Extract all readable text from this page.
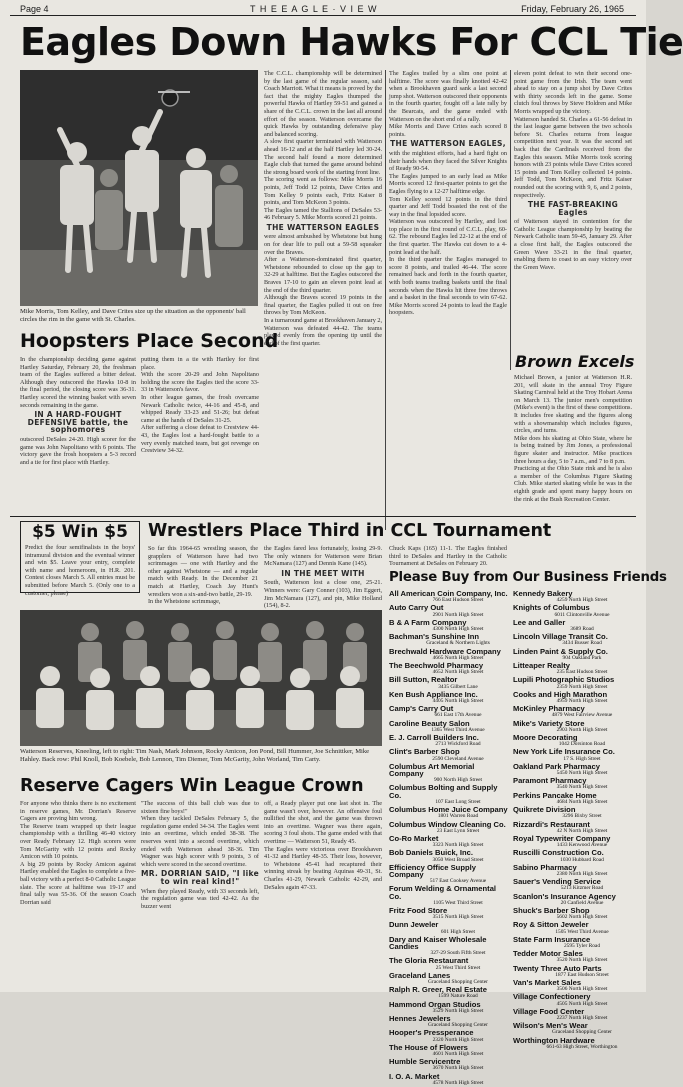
Page 4	T H E E A G L E · V I E W	Friday, February 26, 1965
Eagles Down Hawks For CCL Tie
Mike Morris, Tom Kelley, and Dave Crites size up the situation as the opponents' ball circles the rim in the game with St. Charles.
The C.C.L. championship will be determined by the last game of the regular season, said Coach Marriott. What it means is proved by the fact that the mighty Eagles thumped the powerful Hawks of Hartley 59-51 and gained a share of the C.C.L. crown in the last all around effort of the season. Watterson overcame the quick Hawks by outstanding defensive play and balanced scoring.
A slow first quarter terminated with Watterson ahead 16-12 and at the half Hartley led 30-24. The second half found a more determined Eagle club that turned the game around behind the strong board work of the starting front line.
The scoring went as follows: Mike Morris 16 points, Jeff Todd 12 points, Dave Crites and Tom Kelley 9 points each, Fritz Kaiser 8 points, and Tom McKeon 3 points.
The Eagles tamed the Stallions of DeSales 53-46 February 5. Mike Morris scored 21 points.
THE WATTERSON EAGLES
were almost ambushed by Whetstone but hung on for dear life to pull out a 59-58 squeaker over the Braves.
After a Watterson-dominated first quarter, Whetstone rebounded to close up the gap to 32-29 at halftime. But the Eagles outscored the Braves 17-10 to gain an eleven point lead at the end of the third quarter.
Although the Braves scored 19 points in the final quarter, the Eagles pulled it out on free throws by Tom McKeon.
In a turnaround game at Brookhaven January 2, Watterson was defeated 44-42. The teams played evenly from the opening tip until the end of the first quarter.
The Eagles trailed by a slim one point at halftime. The score was finally knotted 42-42 when a Brookhaven guard sank a last second jump shot. Watterson outscored their opponents in the fourth quarter, fought off a late rally by the Bearcats, and the game ended with Watterson on the short end of a rally.
Mike Morris and Dave Crites each scored 8 points.
THE WATTERSON EAGLES,
with the mightiest efforts, had a hard fight on their hands when they faced the Silver Knights of Ready 90-54.
The Eagles jumped to an early lead as Mike Morris scored 12 first-quarter points to get the Eagles flying to a 12-27 halftime edge.
Tom Kelley scored 12 points in the third quarter and Jeff Todd boasted the rest of the way in the final lopsided score.
Watterson was outscored by Hartley, and lost top place in the first round of C.C.L. play, 60-62. The rebound Eagles led 22-12 at the end of the first quarter. The Hawks cut down to a 4-point lead at the half.
In the third quarter the Eagles managed to score 8 points, and trailed 46-44. The score remained back and forth in the fourth quarter, with both teams trading baskets until the final seconds when the Hawks hit three free throws and a basket in the final seconds to win 67-62. Mike Morris scored 24 points to lead the Eagle hoopsters.
eleven point defeat to win their second one-point game from the Irish. The team went ahead to stay on a jump shot by Dave Crites with thirty seconds left in the game. Some clutch foul throws by Steve Holdren and Mike Morris wrapped up the victory.
Watterson handed St. Charles a 61-56 defeat in the last league game between the two schools before St. Charles returns from league competition next year. It was the second set back that the Cardinals received from the Eagles this season. Mike Morris took scoring honors with 23 points while Dave Crites scored 15 points and Tom Kelley collected 14 points. Jeff Todd, Tom McKeon, and Fritz Kaiser rounded out the scoring with 9, 6, and 2 points, respectively.
THE FAST-BREAKING Eagles
of Watterson stayed in contention for the Catholic League championship by beating the Newark Catholic team 59-45, January 29. After a close first half, the Eagles outscored the Green Wave 33-21 in the final quarter, enabling them to coast to an easy victory over the Green Wave.
Brown Excels
Michael Brown, a junior at Watterson H.R. 201, will skate in the annual Troy Figure Skating Carnival held at the Troy Hobart Arena on March 13. The junior men's competition (Mike's event) is the first of these competitions. It includes free skating and the figures along with a showmanship which includes figures, circles, and turns.
Mike does his skating at Ohio State, where he is being trained by Jim Jones, a professional figure skater and instructor. Mike practices three hours a day, 5 to 7 a.m., and 7 to 8 p.m.
Practicing at the Ohio State rink and he is also a member of the Columbus Figure Skating Club. Mike started skating while he was in the eighth grade and spent many happy hours on the rink at the Bush Recreation Center.
Hoopsters Place Second
In the championship deciding game against Hartley Saturday, February 20, the freshman team of the Eagles suffered a bitter defeat. Although they outscored the Hawks 10-8 in the final period, the closing score was 36-31. Hartley scored the winning basket with seven seconds remaining in the game.
IN A HARD-FOUGHT DEFENSIVE battle, the sophomores
outscored DeSales 24-20. High scorer for the game was John Napolitano with 6 points. The victory gave the frosh hoopsters a 5-3 record and a tie for first place with Hartley.
putting them in a tie with Hartley for first place.
With the score 20-29 and John Napolitano holding the score the Eagles tied the score 33-33 in Watterson's favor.
In other league games, the frosh overcame Newark Catholic twice, 44-16 and 45-8, and whipped Ready 33-23 and 51-26; but defeat came at the hands of DeSales 31-25.
After suffering a close defeat to Crestview 44-43, the Eagles lost a hard-fought battle to a very evenly matched team, but got revenge on Crestview 34-32.
$5 Win $5
Predict the four semifinalists in the boys' intramural division and the eventual winner and win $5. Leave your entry, complete with name and homeroom, in H.R. 201. Contest closes March 5. All entries must be submitted before March 5. (Only one to a customer, please)
Wrestlers Place Third in CCL Tournament
So far this 1964-65 wrestling season, the grapplers of Watterson have had two scrimmages — one with Hartley and the other against Whetstone — and a regular match with Ready. In the December 21 match at Hartley, Coach Jay Hunt's wrestlers won a six-and-two battle, 29-19.
In the Whetstone scrimmage,
the Eagles fared less fortunately, losing 29-9. The only winners for Watterson were Brian McNamara (127) and Dennis Kane (145).
IN THE MEET WITH
South, Watterson lost a close one, 25-21. Winners were: Gary Conner (103), Jim Eggert, Jim McNamara (127), and pin, Mike Holland (154), 8-2.
Chuck Kaps (165) 11-1. The Eagles finished third to DeSales and Hartley in the Catholic Tournament at DeSales on February 20.
Watterson Reserves, Kneeling, left to right: Tim Nash, Mark Johnson, Rocky Amicon, Jon Pond, Bill Hummer, Joe Schnittker, Mike Hahley. Back row: Phil Knoll, Bob Koebele, Bob Lennon, Tim Diemer, Tom McGarity, John Worland, Tim Carty.
Reserve Cagers Win League Crown
For anyone who thinks there is no excitement in reserve games, Mr. Dorrian's Reserve Cagers are proving him wrong.
The Reserve team wrapped up their league championship with a thrilling 46-40 victory over Ready February 12. High scorers were Tom McGarity with 12 points and Rocky Amicon with 10 points.
A big 29 points by Rocky Amicon against Hartley enabled the Eagles to complete a five-ball victory with a perfect 8-0 Catholic League slate. The score at halftime was 19-17 and final tally was 55-36. Of the season Coach Dorrian said
"The success of this ball club was due to sixteen fine boys!"
When they tackled DeSales February 5, the regulation game ended 34-34. The Eagles went into an overtime, which ended 38-38. The reserves went into a second overtime, which ended with Watterson ahead 38-36. Tim Wagner was high scorer with 9 points, 3 of which were scored in the second overtime.
MR. DORRIAN SAID, "I like to win real kind!"
When they played Ready, with 33 seconds left, the regulation game was tied 42-42. As the buzzer went
off, a Ready player put one last shot in. The game wasn't over, however. An offensive foul nullified the shot, and the game was thrown into an overtime. Wagner was there again, scoring 3 foul shots. The game ended with that overtime — Watterson 51, Ready 45.
The Eagles were victorious over Brookhaven 41-32 and Hartley 48-35. Their loss, however, to Whetstone 45-41 had recaptured their winning streak by beating Aquinas 49-31, St. Charles 41-29, Newark Catholic 42-29, and DeSales again 47-33.
Please Buy from Our Business Friends
All American Coin Company, Inc.
766 East Hudson Street
Auto Carry Out
2901 North High Street
B & A Farm Company
4300 North High Street
Bachman's Sunshine Inn
Graceland & Northern Lights
Brechwald Hardware Company
4665 North High Street
The Beechwold Pharmacy
4652 North High Street
Bill Sutton, Realtor
3435 Gilbert Lane
Ken Bush Appliance Inc.
4405 North High Street
Camp's Carry Out
661 East 17th Avenue
Caroline Beauty Salon
1365 West Third Avenue
E. J. Carroll Builders Inc.
2713 Wickford Road
Clint's Barber Shop
2590 Cleveland Avenue
Columbus Art Memorial Company
900 North High Street
Columbus Bolting and Supply Co.
107 East Long Street
Columbus Home Juice Company
1801 Warren Road
Columbus Window Cleaning Co.
23 East Lynn Street
Co-Ro Market
3323 North High Street
Bob Daniels Buick, Inc.
3050 West Broad Street
Efficiency Office Supply Company
517 East Cooksey Avenue
Forum Welding & Ornamental Co.
1105 West Third Street
Fritz Food Store
3515 North High Street
Dunn Jeweler
601 High Street
Dary and Kaiser Wholesale Candies
327-29 South Fifth Street
The Gloria Restaurant
25 West Third Street
Graceland Lanes
Graceland Shopping Center
Ralph R. Greer, Real Estate
1599 Nature Road
Hammond Organ Studios
3529 North High Street
Hennes Jewelers
Graceland Shopping Center
Hooper's Pressperance
2320 North High Street
The House of Flowers
4601 North High Street
Humble Servicentre
3670 North High Street
I. O. A. Market
4578 North High Street
Kennedy Bakery
4259 North High Street
Knights of Columbus
6011 Clintonville Avenue
Lee and Galler
3689 Road
Lincoln Village Transit Co.
3434 Busser Road
Linden Paint & Supply Co.
904 Oakland Park
Litteaper Realty
235 East Hudson Street
Lupili Photographic Studios
2359 North High Street
Cooks and High Marathon
4959 North High Street
McKinley Pharmacy
4879 West Fairview Avenue
Mike's Variety Store
2903 North High Street
Moore Decorating
1042 Dorsinton Road
New York Life Insurance Co.
17 S. High Street
Oakland Park Pharmacy
5450 North High Street
Paramont Pharmacy
3540 North High Street
Perkins Pancake Home
4684 North High Street
Quikrete Division
3296 Bixby Street
Rizzardi's Restaurant
42 N North High Street
Royal Typewriter Company
1433 Kenwood Avenue
Ruscilli Construction Co.
1030 Hubbard Road
Sabino Pharmacy
2380 North High Street
Sauer's Vending Service
5213 Kitzmer Road
Scanlon's Insurance Agency
20 Canfield Avenue
Shuck's Barber Shop
5602 North High Street
Roy & Sitton Jeweler
1505 West Third Avenue
State Farm Insurance
2595 Tyler Road
Tedder Motor Sales
3520 North High Street
Twenty Three Auto Parts
1877 East Hudson Street
Van's Market Sales
3506 North High Street
Village Confectionery
4505 North High Street
Village Food Center
2237 North High Street
Wilson's Men's Wear
Graceland Shopping Center
Worthington Hardware
661-63 High Street, Worthington
